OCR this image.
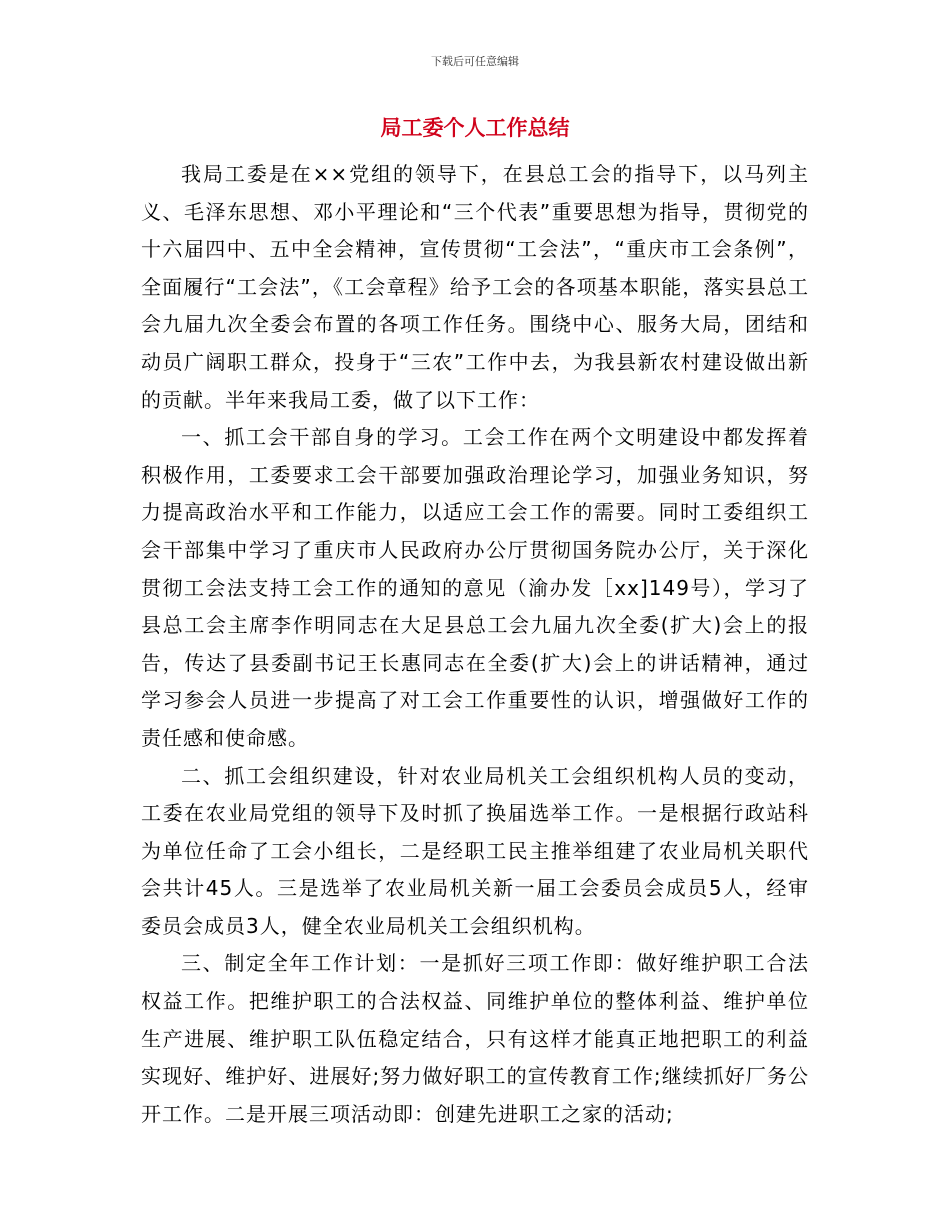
下载后可任意编辑
局工委个人工作总结

我局工委是在××党组的领导下，在县总工会的指导下，以马列主义、毛泽东思想、邓小平理论和“三个代表”重要思想为指导，贯彻党的十六届四中、五中全会精神，宣传贯彻“工会法”，“重庆市工会条例”，全面履行“工会法”，《工会章程》给予工会的各项基本职能，落实县总工会九届九次全委会布置的各项工作任务。围绕中心、服务大局，团结和动员广阔职工群众，投身于“三农”工作中去，为我县新农村建设做出新的贡献。半年来我局工委，做了以下工作：

一、抓工会干部自身的学习。工会工作在两个文明建设中都发挥着积极作用，工委要求工会干部要加强政治理论学习，加强业务知识，努力提高政治水平和工作能力，以适应工会工作的需要。同时工委组织工会干部集中学习了重庆市人民政府办公厅贯彻国务院办公厅，关于深化贯彻工会法支持工会工作的通知的意见（渝办发［xx]149号），学习了县总工会主席李作明同志在大足县总工会九届九次全委(扩大)会上的报告，传达了县委副书记王长惠同志在全委(扩大)会上的讲话精神，通过学习参会人员进一步提高了对工会工作重要性的认识，增强做好工作的责任感和使命感。

二、抓工会组织建设，针对农业局机关工会组织机构人员的变动，工委在农业局党组的领导下及时抓了换届选举工作。一是根据行政站科为单位任命了工会小组长，二是经职工民主推举组建了农业局机关职代会共计45人。三是选举了农业局机关新一届工会委员会成员5人，经审委员会成员3人，健全农业局机关工会组织机构。

三、制定全年工作计划：一是抓好三项工作即：做好维护职工合法权益工作。把维护职工的合法权益、同维护单位的整体利益、维护单位生产进展、维护职工队伍稳定结合，只有这样才能真正地把职工的利益实现好、维护好、进展好;努力做好职工的宣传教育工作;继续抓好厂务公开工作。二是开展三项活动即：创建先进职工之家的活动;
